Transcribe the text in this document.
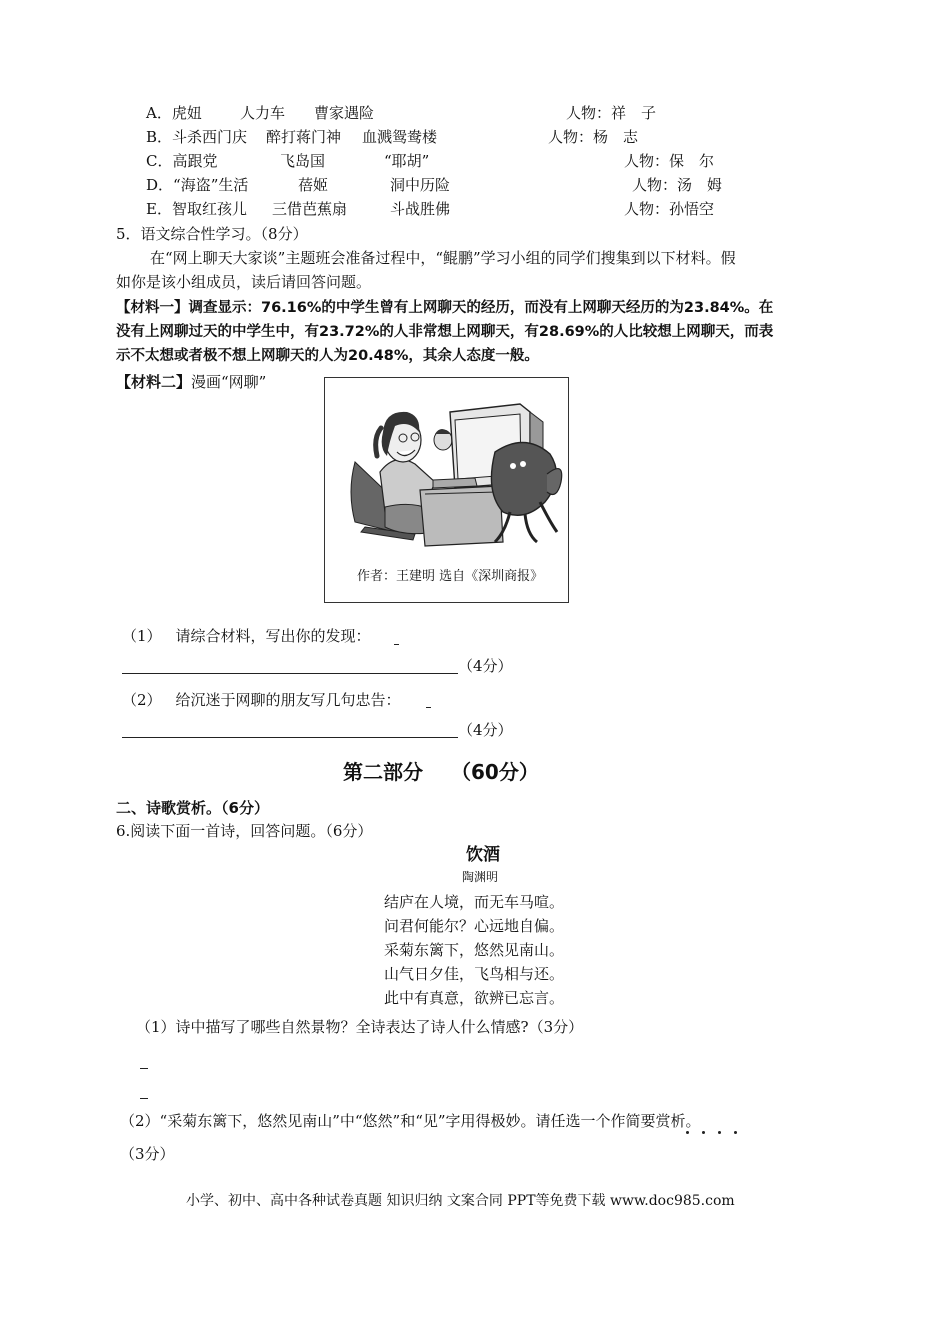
A．虎妞	人力车 曹家遇险	人物：祥　子
B．斗杀西门庆 醉打蒋门神 血溅鸳鸯楼	人物：杨　志
C．高跟党	飞岛国	“耶胡”	人物：保　尔
D．“海盗”生活	蓓姬	洞中历险	人物：汤　姆
E．智取红孩儿 三借芭蕉扇	斗战胜佛	人物：孙悟空
5．语文综合性学习。（8分）
在“网上聊天大家谈”主题班会准备过程中，“鲲鹏”学习小组的同学们搜集到以下材料。假
如你是该小组成员，读后请回答问题。
【材料一】调查显示：76.16%的中学生曾有上网聊天的经历，而没有上网聊天经历的为23.84%。在
没有上网聊过天的中学生中，有23.72%的人非常想上网聊天，有28.69%的人比较想上网聊天，而表
示不太想或者极不想上网聊天的人为20.48%，其余人态度一般。
【材料二】漫画“网聊”
作者：王建明 选自《深圳商报》
（1） 请综合材料，写出你的发现：
（4分）
（2） 给沉迷于网聊的朋友写几句忠告：
（4分）
第二部分 （60分）
二、诗歌赏析。（6分）
6.阅读下面一首诗，回答问题。（6分）
饮酒
陶渊明
结庐在人境，而无车马喧。
问君何能尔？心远地自偏。
采菊东篱下，悠然见南山。
山气日夕佳，飞鸟相与还。
此中有真意，欲辨已忘言。
（1）诗中描写了哪些自然景物？全诗表达了诗人什么情感?（3分）
（2）“采菊东篱下，悠然见南山”中“悠然”和“见”字用得极妙。请任选一个作简要赏析。
（3分）
小学、初中、高中各种试卷真题 知识归纳 文案合同 PPT等免费下载 www.doc985.com
